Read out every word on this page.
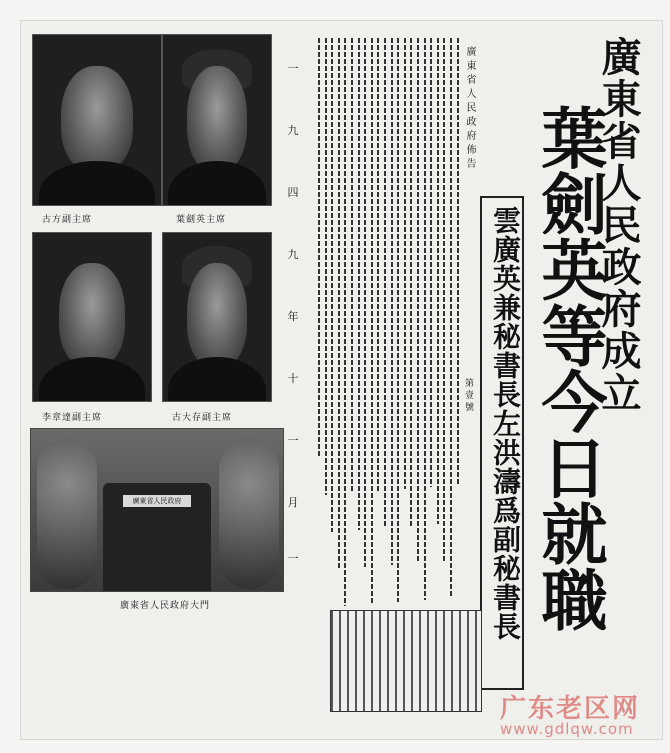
古方副主席	葉劍英主席
李章達副主席	古大存副主席
廣東省人民政府
廣東省人民政府大門
一
九
四
九
年
十
一
月
一
廣東省人民政府佈告
第壹號	廣東省人民政府成立
葉劍英等今日就職
雲廣英兼秘書長左洪濤爲副秘書長
广东老区网
www.gdlqw.com
